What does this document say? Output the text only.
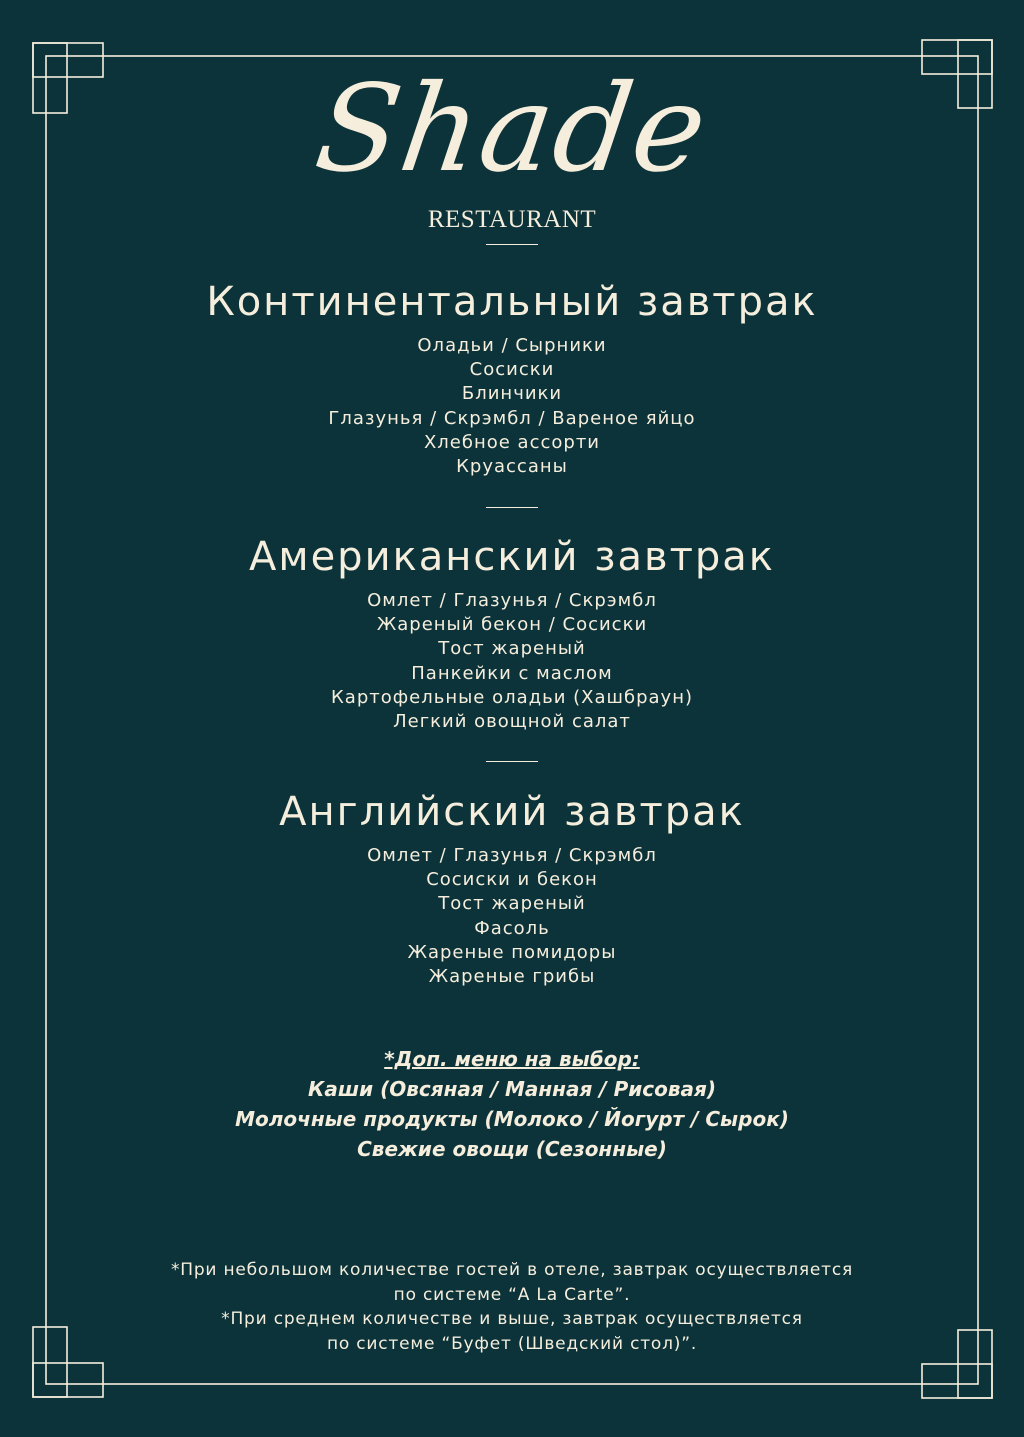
Shade
RESTAURANT
Континентальный завтрак
Оладьи / Сырники
Сосиски
Блинчики
Глазунья / Скрэмбл / Вареное яйцо
Хлебное ассорти
Круассаны
Американский завтрак
Омлет / Глазунья / Скрэмбл
Жареный бекон / Сосиски
Тост жареный
Панкейки с маслом
Картофельные оладьи (Хашбраун)
Легкий овощной салат
Английский завтрак
Омлет / Глазунья / Скрэмбл
Сосиски и бекон
Тост жареный
Фасоль
Жареные помидоры
Жареные грибы
*Доп. меню на выбор:
Каши (Овсяная / Манная / Рисовая)
Молочные продукты (Молоко / Йогурт / Сырок)
Свежие овощи (Сезонные)
*При небольшом количестве гостей в отеле, завтрак осуществляется
по системе “A La Carte”.
*При среднем количестве и выше, завтрак осуществляется
по системе “Буфет (Шведский стол)”.
